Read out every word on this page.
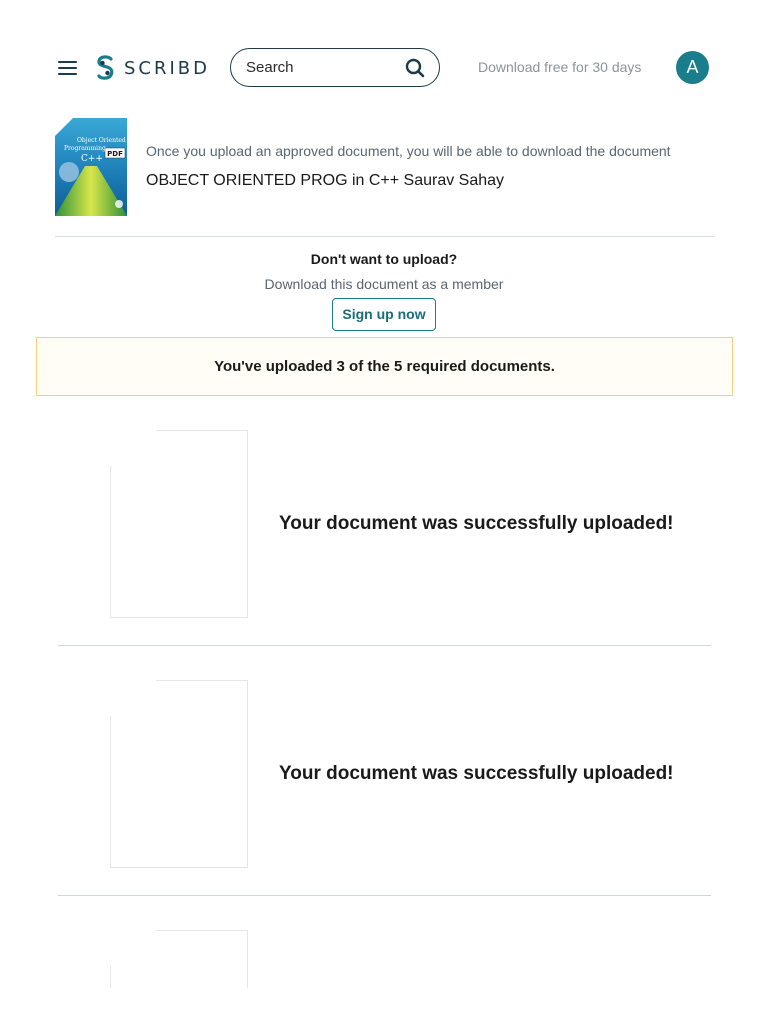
SCRIBD
Search	Download free for 30 days	A
PDF
Object Oriented
Programming
C++	Once you upload an approved document, you will be able to download the document
OBJECT ORIENTED PROG in C++ Saurav Sahay
Don't want to upload?
Download this document as a member
Sign up now
You've uploaded 3 of the 5 required documents.
Your document was successfully uploaded!
Your document was successfully uploaded!
